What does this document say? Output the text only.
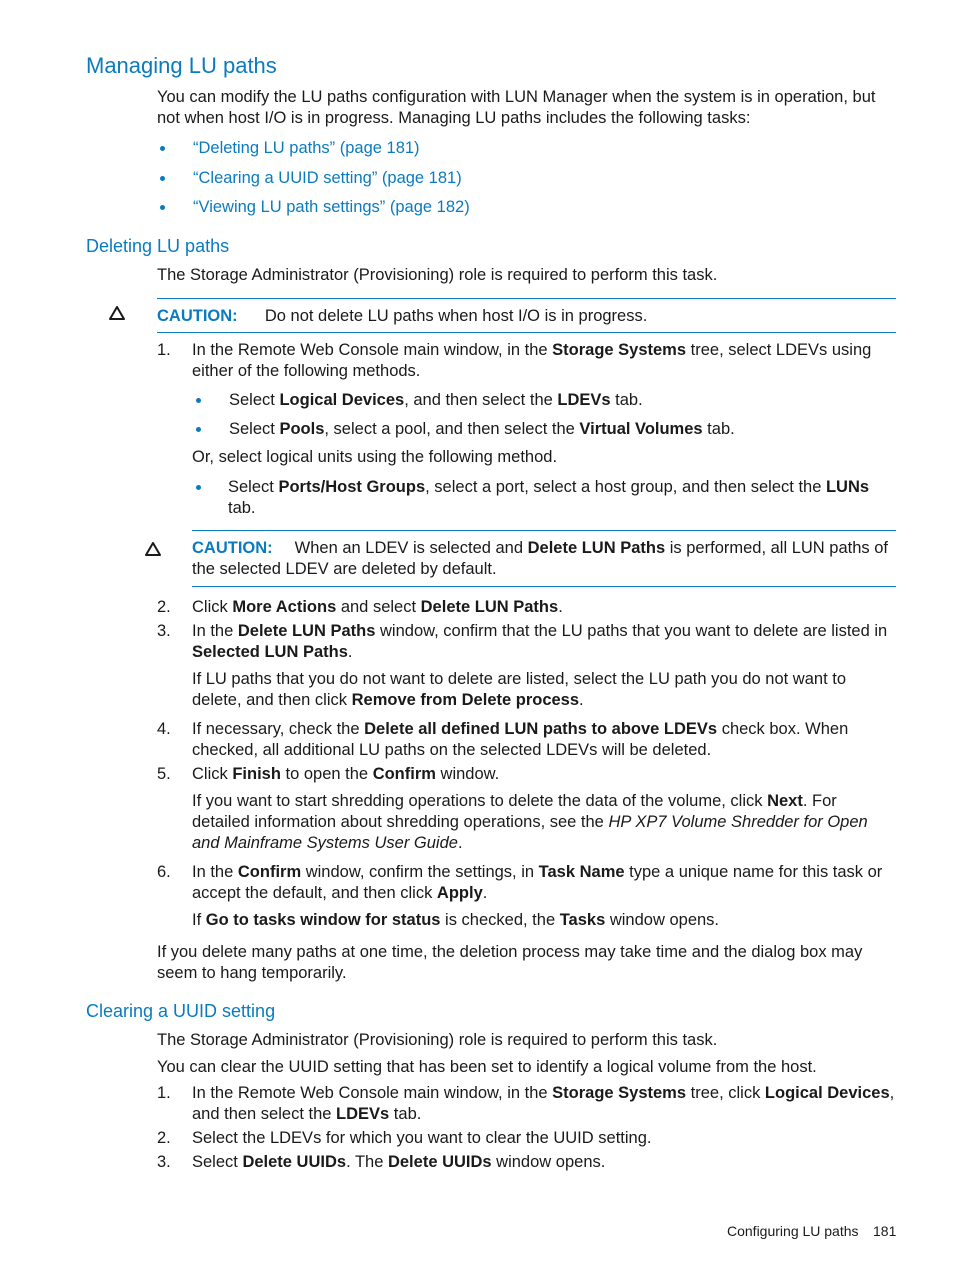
Managing LU paths
You can modify the LU paths configuration with LUN Manager when the system is in operation, but not when host I/O is in progress. Managing LU paths includes the following tasks:
“Deleting LU paths” (page 181)
“Clearing a UUID setting” (page 181)
“Viewing LU path settings” (page 182)
Deleting LU paths
The Storage Administrator (Provisioning) role is required to perform this task.
CAUTION: Do not delete LU paths when host I/O is in progress.
1. In the Remote Web Console main window, in the Storage Systems tree, select LDEVs using either of the following methods.
Select Logical Devices, and then select the LDEVs tab.
Select Pools, select a pool, and then select the Virtual Volumes tab.
Or, select logical units using the following method.
Select Ports/Host Groups, select a port, select a host group, and then select the LUNs
tab.
CAUTION: When an LDEV is selected and Delete LUN Paths is performed, all LUN paths of the selected LDEV are deleted by default.
2. Click More Actions and select Delete LUN Paths.
3. In the Delete LUN Paths window, confirm that the LU paths that you want to delete are listed in Selected LUN Paths.
If LU paths that you do not want to delete are listed, select the LU path you do not want to delete, and then click Remove from Delete process.
4. If necessary, check the Delete all defined LUN paths to above LDEVs check box. When checked, all additional LU paths on the selected LDEVs will be deleted.
5. Click Finish to open the Confirm window.
If you want to start shredding operations to delete the data of the volume, click Next. For detailed information about shredding operations, see the HP XP7 Volume Shredder for Open and Mainframe Systems User Guide.
6. In the Confirm window, confirm the settings, in Task Name type a unique name for this task or accept the default, and then click Apply.
If Go to tasks window for status is checked, the Tasks window opens.
If you delete many paths at one time, the deletion process may take time and the dialog box may seem to hang temporarily.
Clearing a UUID setting
The Storage Administrator (Provisioning) role is required to perform this task.
You can clear the UUID setting that has been set to identify a logical volume from the host.
1. In the Remote Web Console main window, in the Storage Systems tree, click Logical Devices, and then select the LDEVs tab.
2. Select the LDEVs for which you want to clear the UUID setting.
3. Select Delete UUIDs. The Delete UUIDs window opens.
Configuring LU paths 181
